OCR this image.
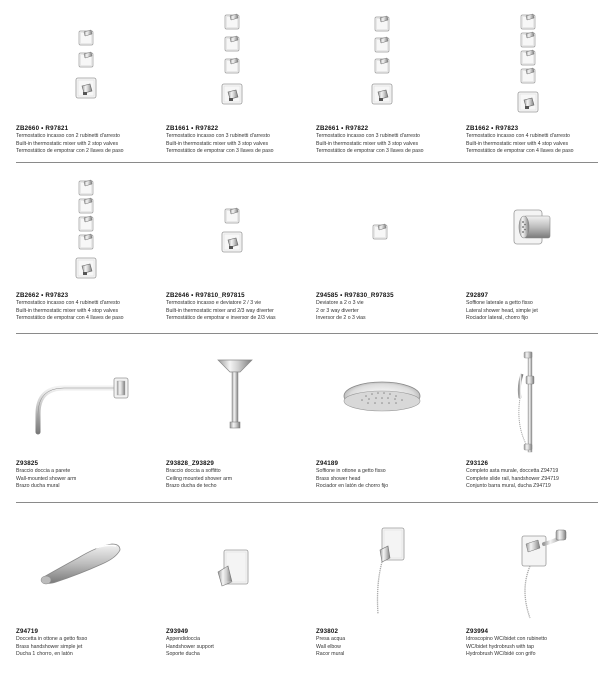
ZB2660 • R97821
Termostatico incasso con 2 rubinetti d'arresto
Built-in thermostatic mixer with 2 stop valves
Termostático de empotrar con 2 llaves de paso
ZB1661 • R97822
Termostatico incasso con 3 rubinetti d'arresto
Built-in thermostatic mixer with 3 stop valves
Termostático de empotrar con 3 llaves de paso
ZB2661 • R97822
Termostatico incasso con 3 rubinetti d'arresto
Built-in thermostatic mixer with 3 stop valves
Termostático de empotrar con 3 llaves de paso
ZB1662 • R97823
Termostatico incasso con 4 rubinetti d'arresto
Built-in thermostatic mixer with 4 stop valves
Termostático de empotrar con 4 llaves de paso
ZB2662 • R97823
Termostatico incasso con 4 rubinetti d'arresto
Built-in thermostatic mixer with 4 stop valves
Termostático de empotrar con 4 llaves de paso
ZB2646 • R97810_R97815
Termostatico incasso e deviatore 2 / 3 vie
Built-in thermostatic mixer and 2/3 way diverter
Termostático de empotrar e inversor de 2/3 vias
Z94585 • R97830_R97835
Deviatore a 2 o 3 vie
2 or 3 way diverter
Inversor de 2 o 3 vias
Z92897
Soffione laterale a getto fisso
Lateral shower head, simple jet
Rociador lateral, chorro fijo
Z93825
Braccio doccia a parete
Wall-mounted shower arm
Brazo ducha mural
Z93828_Z93829
Braccio doccia a soffitto
Ceiling mounted shower arm
Brazo ducha de techo
Z94189
Soffione in ottone a getto fisso
Brass shower head
Rociador en latón de chorro fijo
Z93126
Completo asta murale, doccetta Z94719
Complete slide rail, handshower Z94719
Conjunto barra mural, ducha Z94719
Z94719
Doccetta in ottone a getto fisso
Brass handshower simple jet
Ducha 1 chorro, en latón
Z93949
Appendidoccia
Handshower support
Soporte ducha
Z93802
Presa acqua
Wall elbow
Racor mural
Z93994
Idroscopino WC/bidet con rubinetto
WC/bidet hydrobrush with tap
Hydrobrush WC/bidé con grifo
